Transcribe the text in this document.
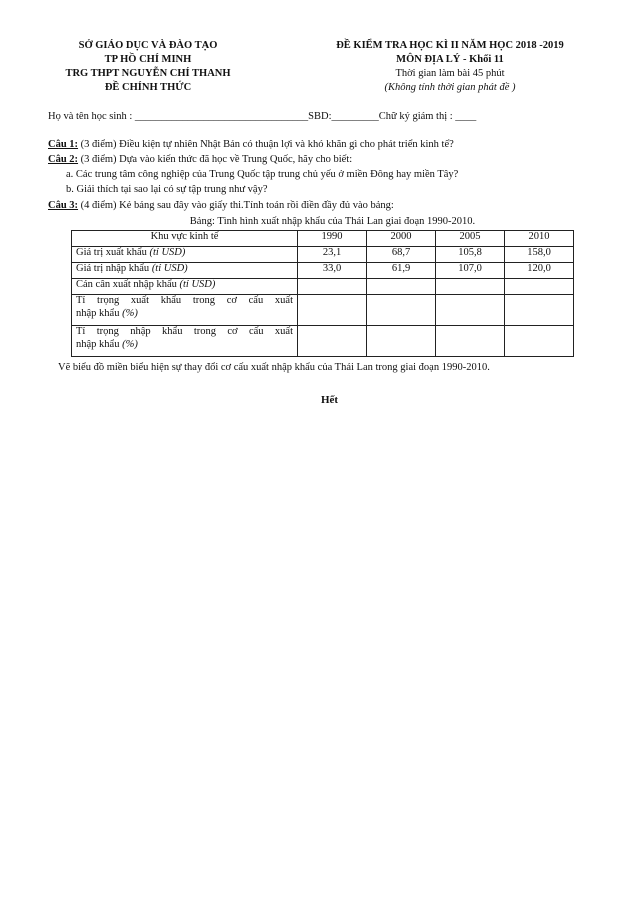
SỞ GIÁO DỤC VÀ ĐÀO TẠO
TP HỒ CHÍ MINH
TRG THPT NGUYỄN CHÍ THANH
ĐỀ CHÍNH THỨC
ĐỀ KIỂM TRA HỌC KÌ II NĂM HỌC 2018 -2019
MÔN ĐỊA LÝ - Khối 11
Thời gian làm bài 45 phút
(Không tính thời gian phát đề )
Họ và tên học sinh : _________________________________SBD:_________Chữ ký giám thị : ____
Câu 1: (3 điểm) Điều kiện tự nhiên Nhật Bản có thuận lợi và khó khăn gì cho phát triển kinh tế?
Câu 2: (3 điểm) Dựa vào kiến thức đã học về Trung Quốc, hãy cho biết:
a. Các trung tâm công nghiệp của Trung Quốc tập trung chủ yếu ở miền Đông hay miền Tây?
b. Giải thích tại sao lại có sự tập trung như vậy?
Câu 3: (4 điểm) Kẻ bảng sau đây vào giấy thi.Tính toán rồi điền đầy đủ vào bảng:
Bảng: Tình hình xuất nhập khẩu của Thái Lan giai đoạn 1990-2010.
Khu vực kinh tế	1990	2000	2005	2010
Giá trị xuất khẩu (tỉ USD)	23,1	68,7	105,8	158,0
Giá trị nhập khẩu (tỉ USD)	33,0	61,9	107,0	120,0
Cán cân xuất nhập khẩu (tỉ USD)				

Tỉ trọng xuất khẩu trong cơ cấu xuất
nhập khẩu (%)				

Tỉ trọng nhập khẩu trong cơ cấu xuất
nhập khẩu (%)				
Vẽ biểu đồ miền biểu hiện sự thay đổi cơ cấu xuất nhập khẩu của Thái Lan trong giai đoạn 1990-2010.
Hết
